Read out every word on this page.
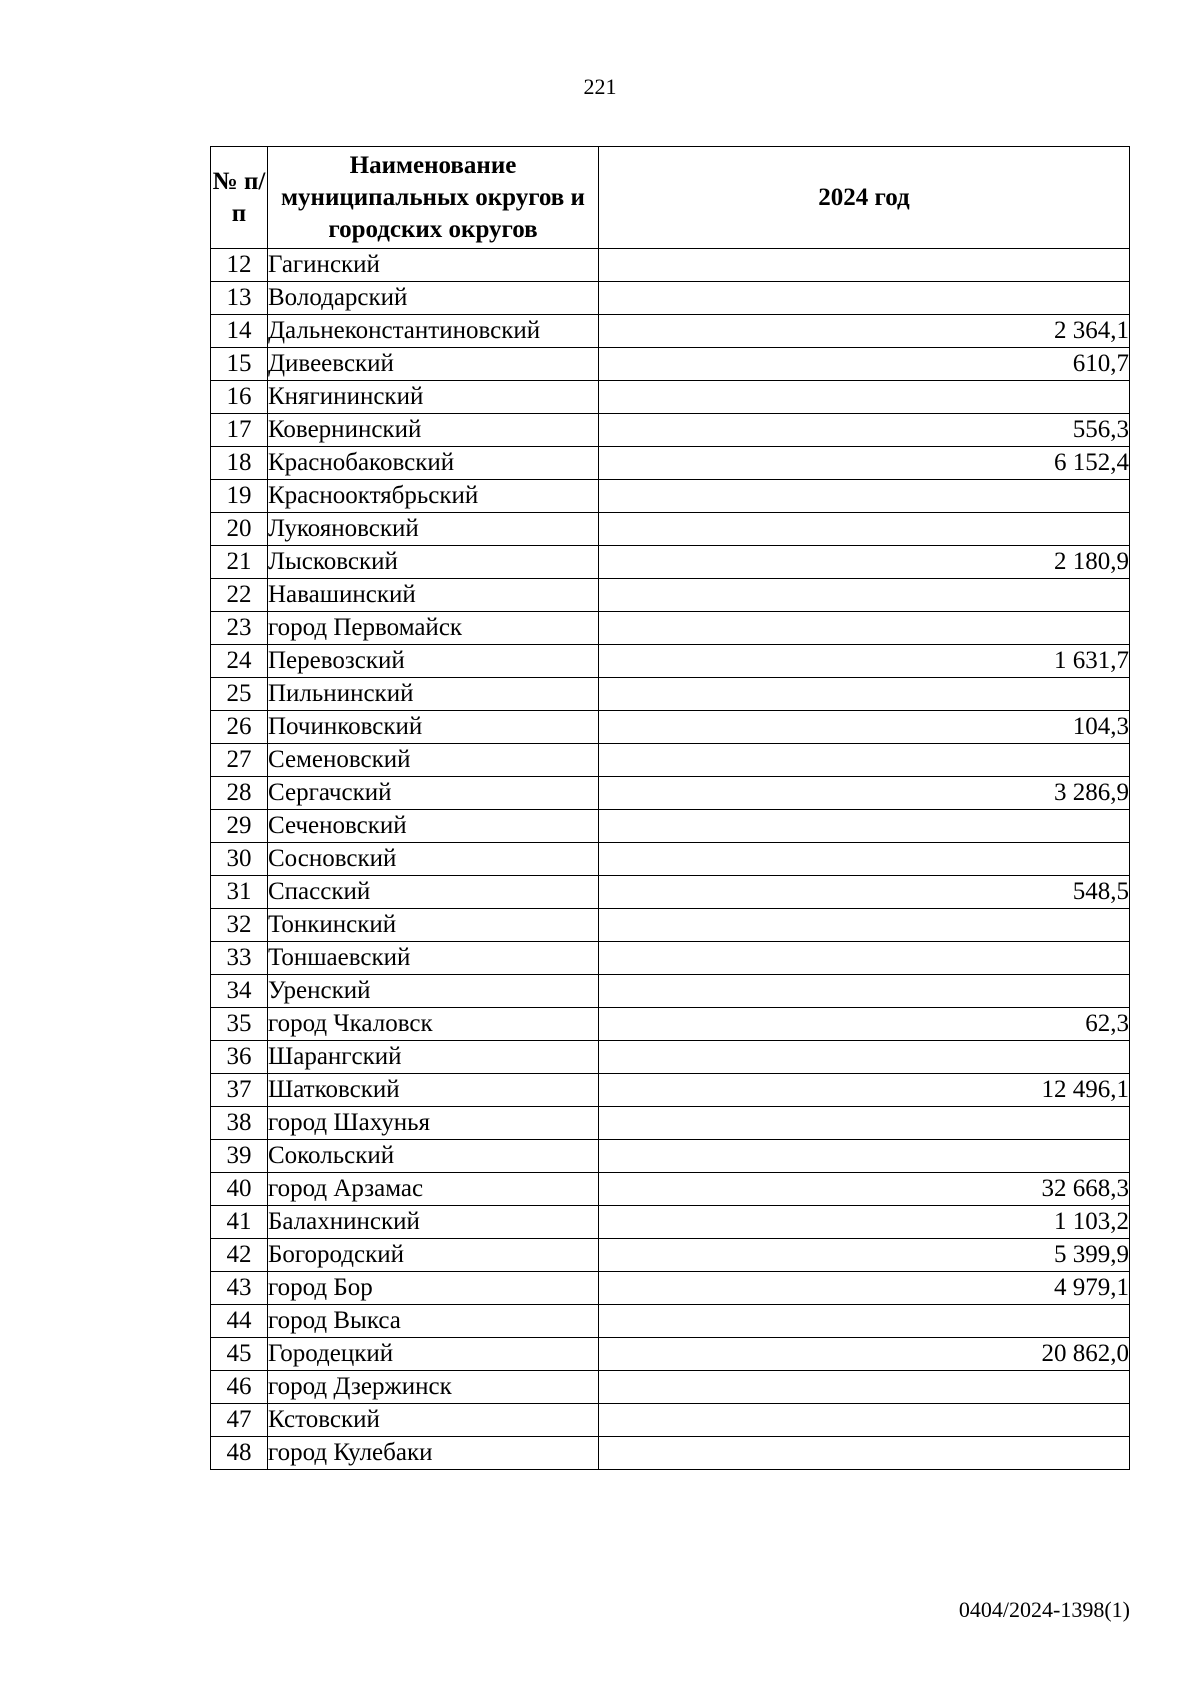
221
№ п/п	Наименование муниципальных округов и городских округов	2024 год
12	Гагинский	
13	Володарский	
14	Дальнеконстантиновский	2 364,1
15	Дивеевский	610,7
16	Княгининский	
17	Ковернинский	556,3
18	Краснобаковский	6 152,4
19	Краснооктябрьский	
20	Лукояновский	
21	Лысковский	2 180,9
22	Навашинский	
23	город Первомайск	
24	Перевозский	1 631,7
25	Пильнинский	
26	Починковский	104,3
27	Семеновский	
28	Сергачский	3 286,9
29	Сеченовский	
30	Сосновский	
31	Спасский	548,5
32	Тонкинский	
33	Тоншаевский	
34	Уренский	
35	город Чкаловск	62,3
36	Шарангский	
37	Шатковский	12 496,1
38	город Шахунья	
39	Сокольский	
40	город Арзамас	32 668,3
41	Балахнинский	1 103,2
42	Богородский	5 399,9
43	город Бор	4 979,1
44	город Выкса	
45	Городецкий	20 862,0
46	город Дзержинск	
47	Кстовский	
48	город Кулебаки	
0404/2024-1398(1)
